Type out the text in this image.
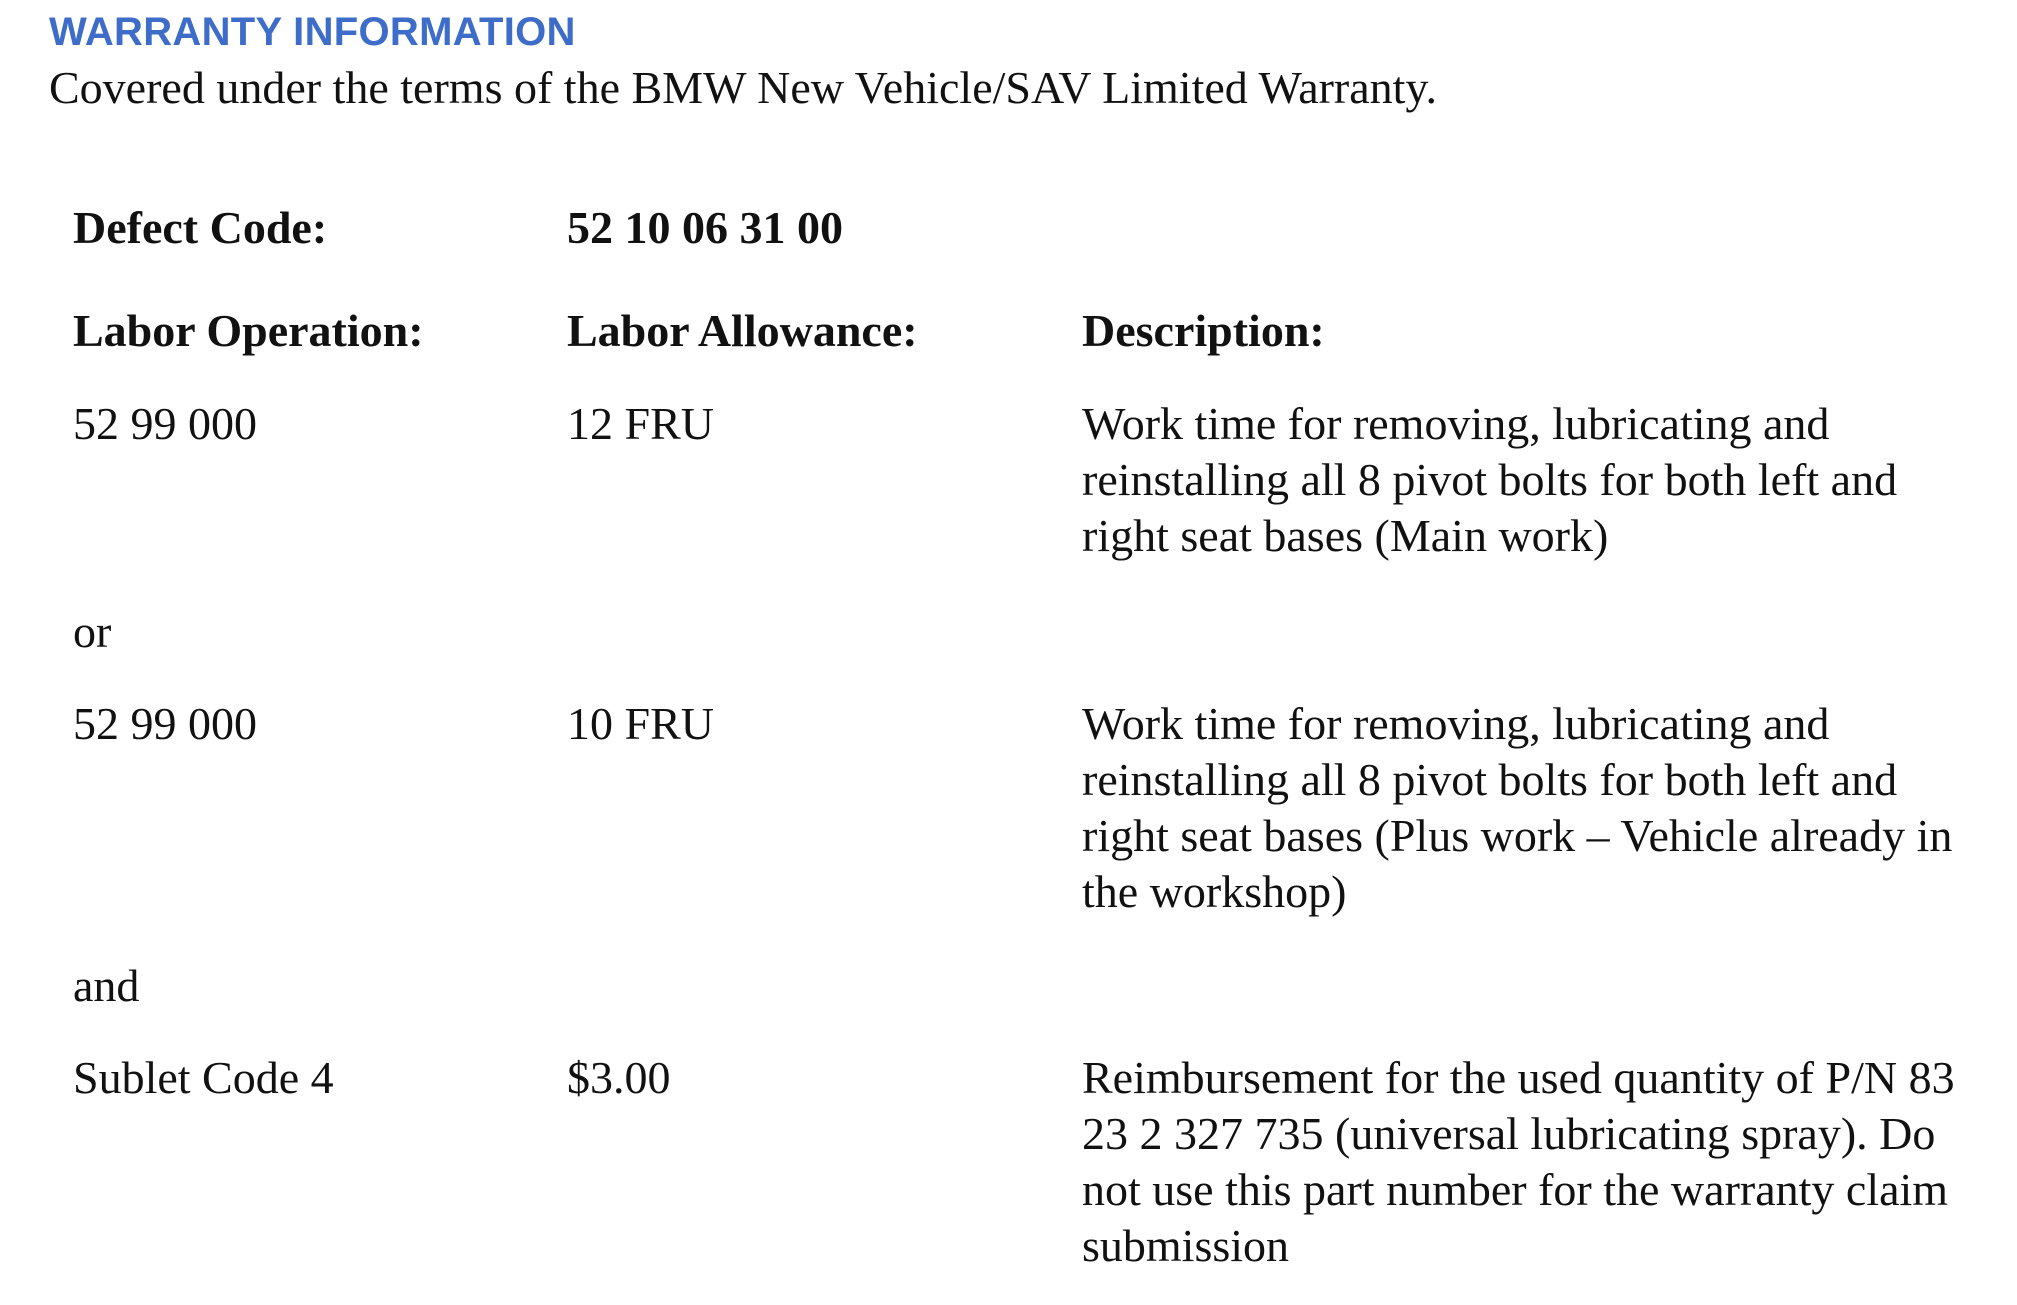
WARRANTY INFORMATION
Covered under the terms of the BMW New Vehicle/SAV Limited Warranty.
Defect Code:	52 10 06 31 00
Labor Operation:	Labor Allowance:	Description:
52 99 000	12 FRU	Work time for removing, lubricating and reinstalling all 8 pivot bolts for both left and right seat bases (Main work)
or
52 99 000	10 FRU	Work time for removing, lubricating and reinstalling all 8 pivot bolts for both left and right seat bases (Plus work – Vehicle already in the workshop)
and
Sublet Code 4	$3.00	Reimbursement for the used quantity of P/N 83 23 2 327 735 (universal lubricating spray). Do not use this part number for the warranty claim submission
